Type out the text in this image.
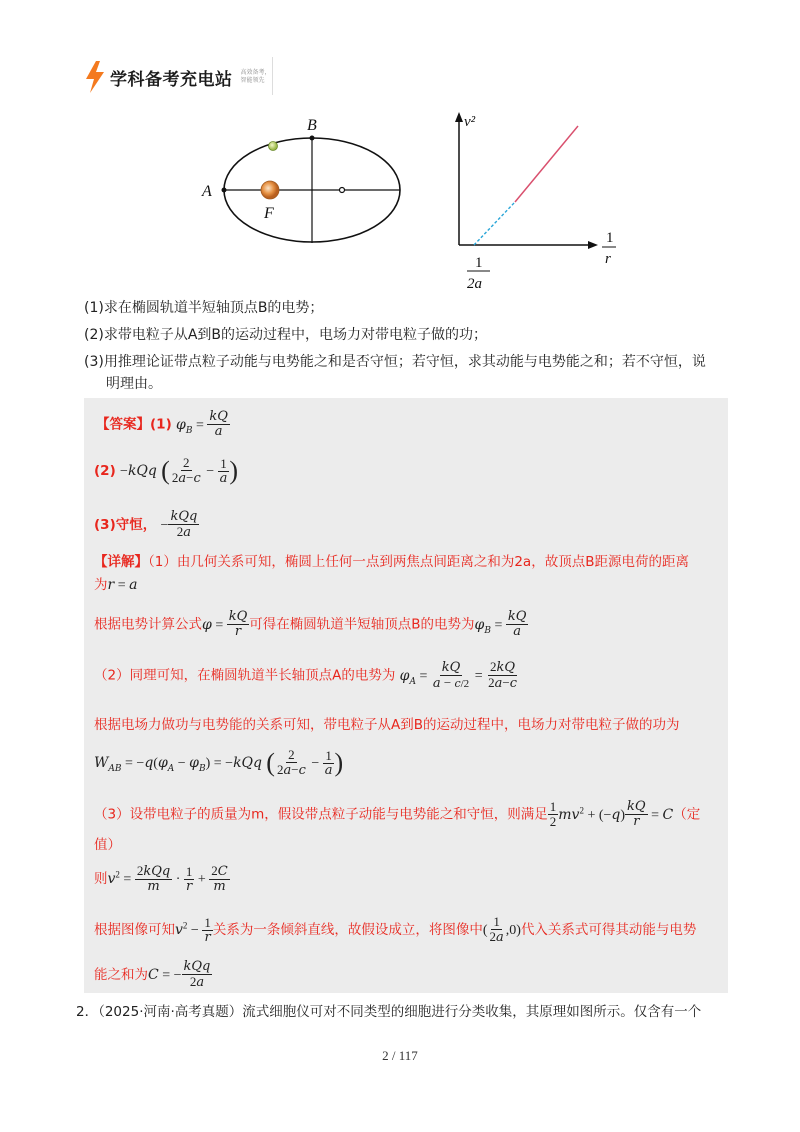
学科备考充电站 高效备考，
智能领先
A
B
F
v²
1
r
1
2a
(1)求在椭圆轨道半短轴顶点B的电势；
(2)求带电粒子从A到B的运动过程中，电场力对带电粒子做的功；
(3)用推理论证带点粒子动能与电势能之和是否守恒；若守恒，求其动能与电势能之和；若不守恒，说
明理由。
【答案】(1) $\varphi_B = \frac{kQ}{a}$
(2) −kQq ( $\frac{2}{2a-c} - \frac{1}{a}$ )
(3)守恒， − $\frac{\text{kQq}}{2a}$
【详解】（1）由几何关系可知，椭圆上任何一点到两焦点间距离之和为2a，故顶点B距源电荷的距离
为r = a
根据电势计算公式$\varphi = \frac{kQ}{r}$ 可得在椭圆轨道半短轴顶点B的电势为$\varphi_B = \frac{kQ}{a}$
（2）同理可知，在椭圆轨道半长轴顶点A的电势为 $\varphi_A = \frac{kQ}{a - c/2} = \frac{2kQ}{2a-c}$
根据电场力做功与电势能的关系可知，带电粒子从A到B的运动过程中，电场力对带电粒子做的功为
$W_{AB} = -q(\varphi_A - \varphi_B) = -kQq$ ( $\frac{2}{2a-c} - \frac{1}{a}$ )
（3）设带电粒子的质量为m，假设带点粒子动能与电势能之和守恒，则满足 $\frac{1}{2} mv^2 + (-q) \frac{kQ}{r} = C$（定
值）
则$v^2 = \frac{\text{2kQq}}{m} \cdot \frac{1}{r} + \frac{2C}{m}$
根据图像可知$v^2 - \frac{1}{r}$ 关系为一条倾斜直线，故假设成立，将图像中( $\frac{1}{2a} ,0$)代入关系式可得其动能与电势
能之和为C = − $\frac{\text{kQq}}{2a}$
2．（2025·河南·高考真题）流式细胞仪可对不同类型的细胞进行分类收集，其原理如图所示。仅含有一个
2 / 117
